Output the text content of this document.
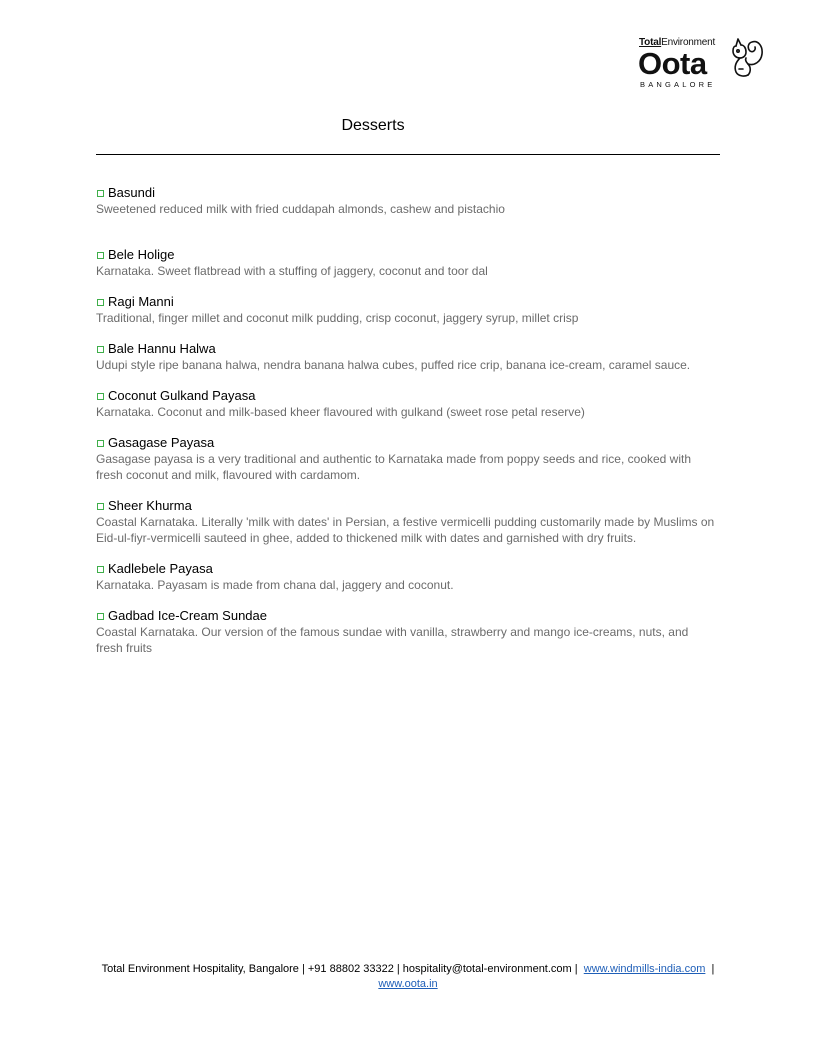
TotalEnvironment
Oota
BANGALORE
Desserts
Basundi
Sweetened reduced milk with fried cuddapah almonds, cashew and pistachio
Bele Holige
Karnataka. Sweet flatbread with a stuffing of jaggery, coconut and toor dal
Ragi Manni
Traditional, finger millet and coconut milk pudding, crisp coconut, jaggery syrup, millet crisp
Bale Hannu Halwa
Udupi style ripe banana halwa, nendra banana halwa cubes, puffed rice crip, banana ice-cream, caramel sauce.
Coconut Gulkand Payasa
Karnataka. Coconut and milk-based kheer flavoured with gulkand (sweet rose petal reserve)
Gasagase Payasa
Gasagase payasa is a very traditional and authentic to Karnataka made from poppy seeds and rice, cooked with fresh coconut and milk, flavoured with cardamom.
Sheer Khurma
Coastal Karnataka. Literally 'milk with dates' in Persian, a festive vermicelli pudding customarily made by Muslims on Eid-ul-fiyr-vermicelli sauteed in ghee, added to thickened milk with dates and garnished with dry fruits.
Kadlebele Payasa
Karnataka. Payasam is made from chana dal, jaggery and coconut.
Gadbad Ice-Cream Sundae
Coastal Karnataka. Our version of the famous sundae with vanilla, strawberry and mango ice-creams, nuts, and fresh fruits
Total Environment Hospitality, Bangalore | +91 88802 33322 | hospitality@total-environment.com | www.windmills-india.com |
www.oota.in
